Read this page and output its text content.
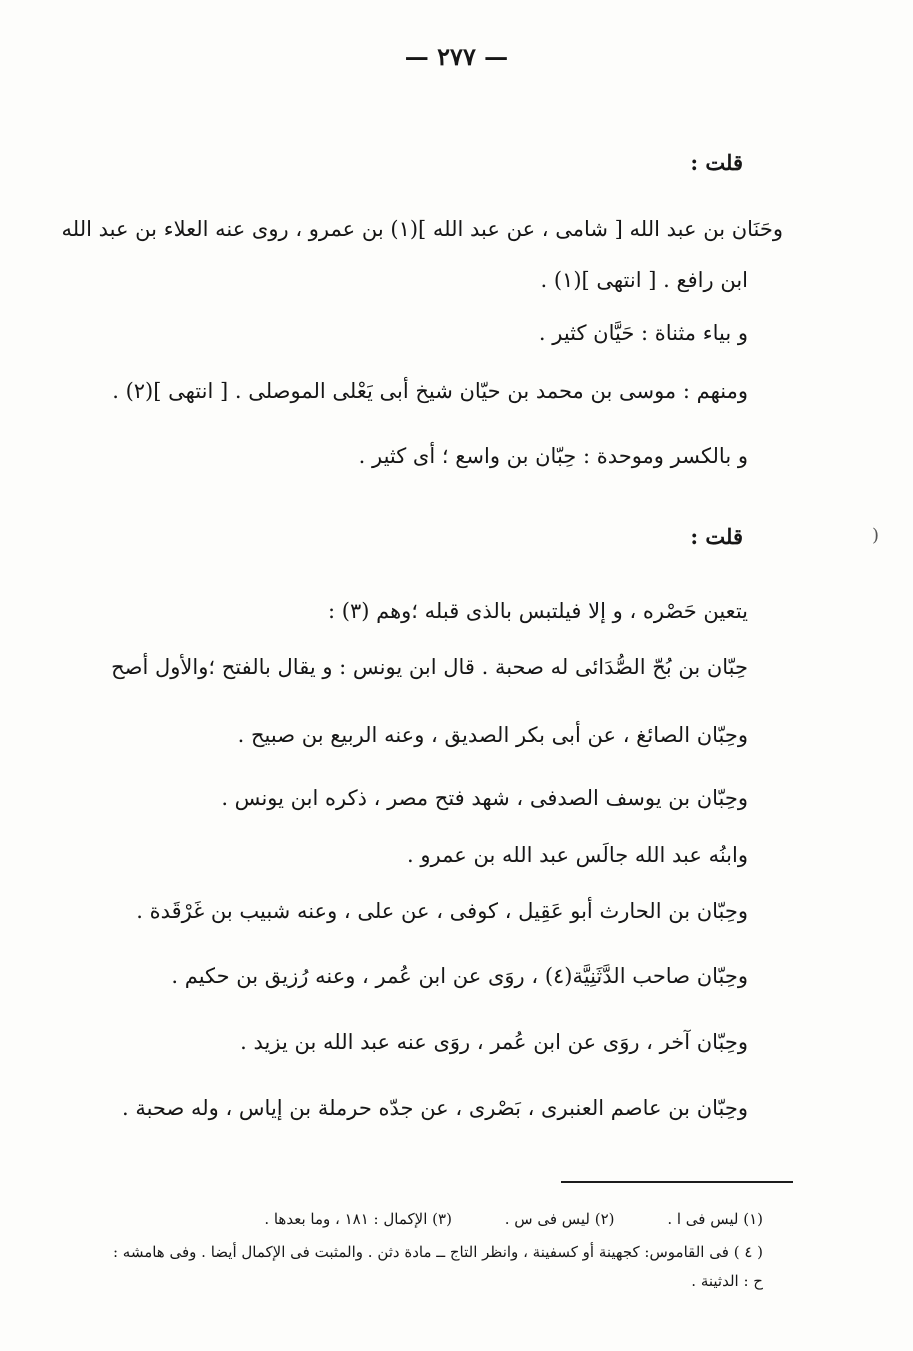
— ٢٧٧ —
قلت :
وحَنَان بن عبد الله [ شامى ، عن عبد الله ](١) بن عمرو ، روى عنه العلاء بن عبد الله
ابن رافع . [ انتهى ](١) .
و بياء مثناة : حَيَّان كثير .
ومنهم : موسى بن محمد بن حيّان شيخ أبى يَعْلى الموصلى . [ انتهى ](٢) .
و بالكسر وموحدة : حِبّان بن واسع ؛ أى كثير .
قلت :
يتعين حَصْره ، و إلا فيلتبس بالذى قبله ؛وهم (٣) :
حِبّان بن بُحّ الصُّدَائى له صحبة . قال ابن يونس : و يقال بالفتح ؛والأول أصح
وحِبّان الصائغ ، عن أبى بكر الصديق ، وعنه الربيع بن صبيح .
وحِبّان بن يوسف الصدفى ، شهد فتح مصر ، ذكره ابن يونس .
وابنُه عبد الله جالَس عبد الله بن عمرو .
وحِبّان بن الحارث أبو عَقِيل ، كوفى ، عن على ، وعنه شبيب بن غَرْقَدة .
وحِبّان صاحب الدَّثَنِيَّة(٤) ، روَى عن ابن عُمر ، وعنه رُزيق بن حكيم .
وحِبّان آخر ، روَى عن ابن عُمر ، روَى عنه عبد الله بن يزيد .
وحِبّان بن عاصم العنبرى ، بَصْرى ، عن جدّه حرملة بن إياس ، وله صحبة .
(١) ليس فى ا . (٢) ليس فى س . (٣) الإكمال : ١٨١ ، وما بعدها .
( ٤ ) فى القاموس: كجهينة أو كسفينة ، وانظر التاج ــ مادة دثن . والمثبت فى الإكمال أيضا . وفى هامشه :
ح : الدثينة .
)
